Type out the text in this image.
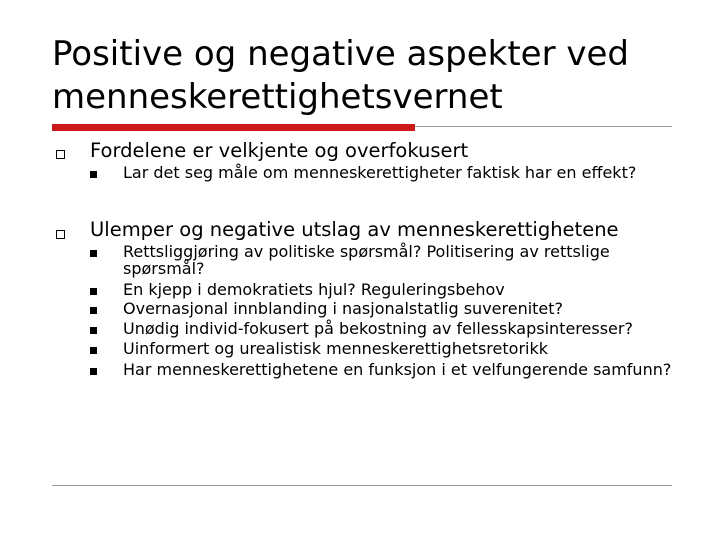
Positive og negative aspekter ved menneskerettighetsvernet
Fordelene er velkjente og overfokusert
Lar det seg måle om menneskerettigheter faktisk har en effekt?
Ulemper og negative utslag av menneskerettighetene
Rettsliggjøring av politiske spørsmål? Politisering av rettslige spørsmål?
En kjepp i demokratiets hjul? Reguleringsbehov
Overnasjonal innblanding i nasjonalstatlig suverenitet?
Unødig individ-fokusert på bekostning av fellesskapsinteresser?
Uinformert og urealistisk menneskerettighetsretorikk
Har menneskerettighetene en funksjon i et velfungerende samfunn?
